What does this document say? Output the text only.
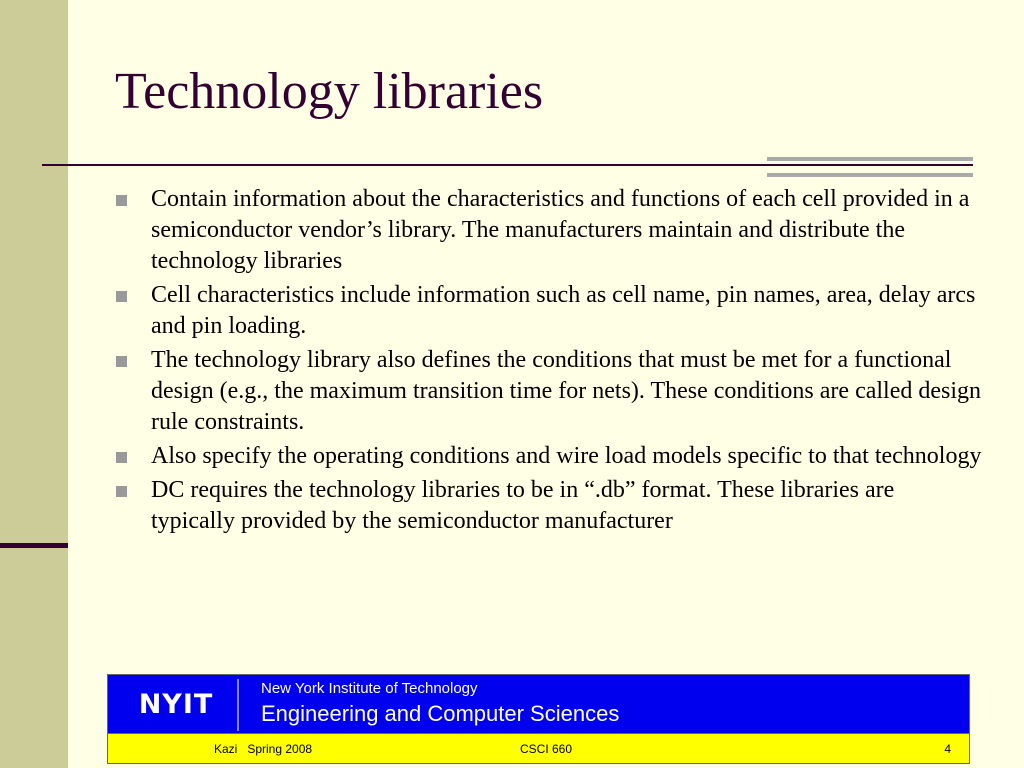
Technology libraries
Contain information about the characteristics and functions of each cell provided in a semiconductor vendor’s library. The manufacturers maintain and distribute the technology libraries
Cell characteristics include information such as cell name, pin names, area, delay arcs and pin loading.
The technology library also defines the conditions that must be met for a functional design (e.g., the maximum transition time for nets). These conditions are called design rule constraints.
Also specify the operating conditions and wire load models specific to that technology
DC requires the technology libraries to be in “.db” format. These libraries are typically provided by the semiconductor manufacturer
NYIT	New York Institute of Technology
Engineering and Computer Sciences
Kazi   Spring 2008	CSCI 660	4
